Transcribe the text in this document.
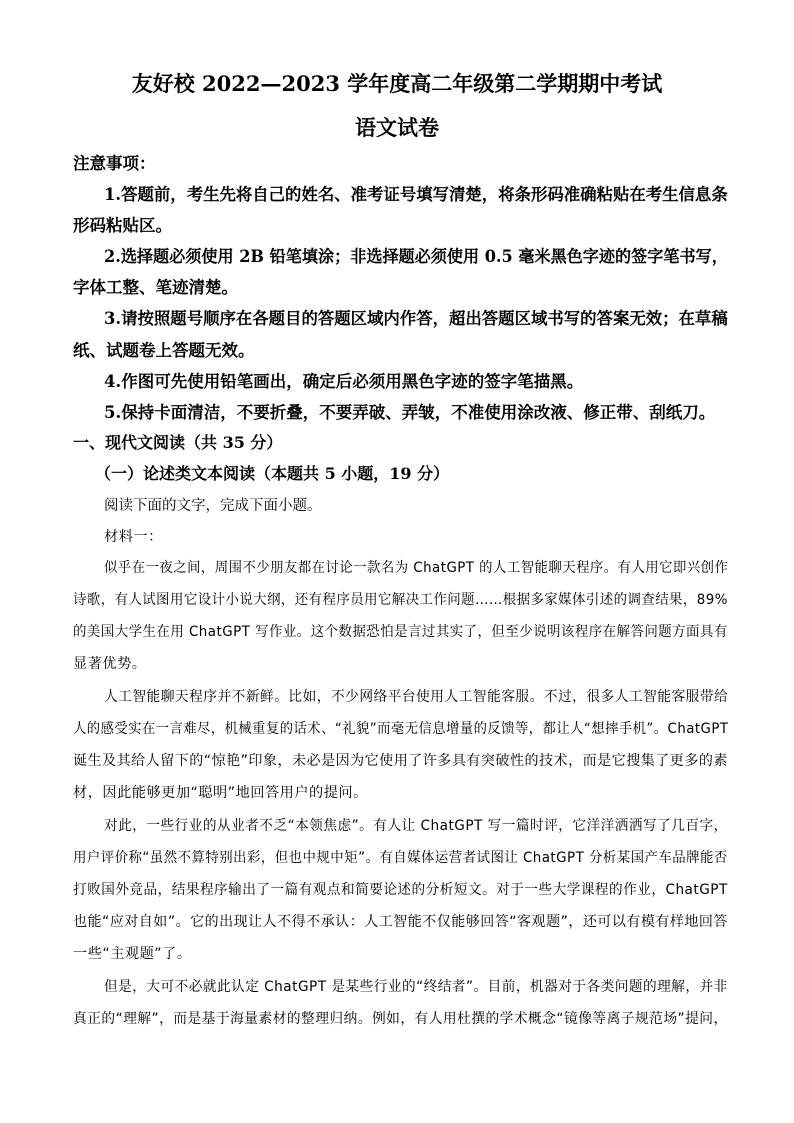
友好校 2022—2023 学年度高二年级第二学期期中考试
语文试卷
注意事项：
1.答题前，考生先将自己的姓名、准考证号填写清楚，将条形码准确粘贴在考生信息条
形码粘贴区。
2.选择题必须使用 2B 铅笔填涂；非选择题必须使用 0.5 毫米黑色字迹的签字笔书写，
字体工整、笔迹清楚。
3.请按照题号顺序在各题目的答题区域内作答，超出答题区域书写的答案无效；在草稿
纸、试题卷上答题无效。
4.作图可先使用铅笔画出，确定后必须用黑色字迹的签字笔描黑。
5.保持卡面清洁，不要折叠，不要弄破、弄皱，不准使用涂改液、修正带、刮纸刀。
一、现代文阅读（共 35 分）
（一）论述类文本阅读（本题共 5 小题，19 分）
阅读下面的文字，完成下面小题。
材料一：
似乎在一夜之间，周围不少朋友都在讨论一款名为 ChatGPT 的人工智能聊天程序。有人用它即兴创作
诗歌，有人试图用它设计小说大纲，还有程序员用它解决工作问题……根据多家媒体引述的调查结果，89%
的美国大学生在用 ChatGPT 写作业。这个数据恐怕是言过其实了，但至少说明该程序在解答问题方面具有
显著优势。
人工智能聊天程序并不新鲜。比如，不少网络平台使用人工智能客服。不过，很多人工智能客服带给
人的感受实在一言难尽，机械重复的话术、“礼貌”而毫无信息增量的反馈等，都让人“想摔手机”。ChatGPT
诞生及其给人留下的“惊艳”印象，未必是因为它使用了许多具有突破性的技术，而是它搜集了更多的素
材，因此能够更加“聪明”地回答用户的提问。
对此，一些行业的从业者不乏“本领焦虑”。有人让 ChatGPT 写一篇时评，它洋洋洒洒写了几百字，
用户评价称“虽然不算特别出彩，但也中规中矩”。有自媒体运营者试图让 ChatGPT 分析某国产车品牌能否
打败国外竞品，结果程序输出了一篇有观点和简要论述的分析短文。对于一些大学课程的作业，ChatGPT
也能“应对自如”。它的出现让人不得不承认：人工智能不仅能够回答“客观题”，还可以有模有样地回答
一些“主观题”了。
但是，大可不必就此认定 ChatGPT 是某些行业的“终结者”。目前，机器对于各类问题的理解，并非
真正的“理解”，而是基于海量素材的整理归纳。例如，有人用杜撰的学术概念“镜像等离子规范场”提问，
